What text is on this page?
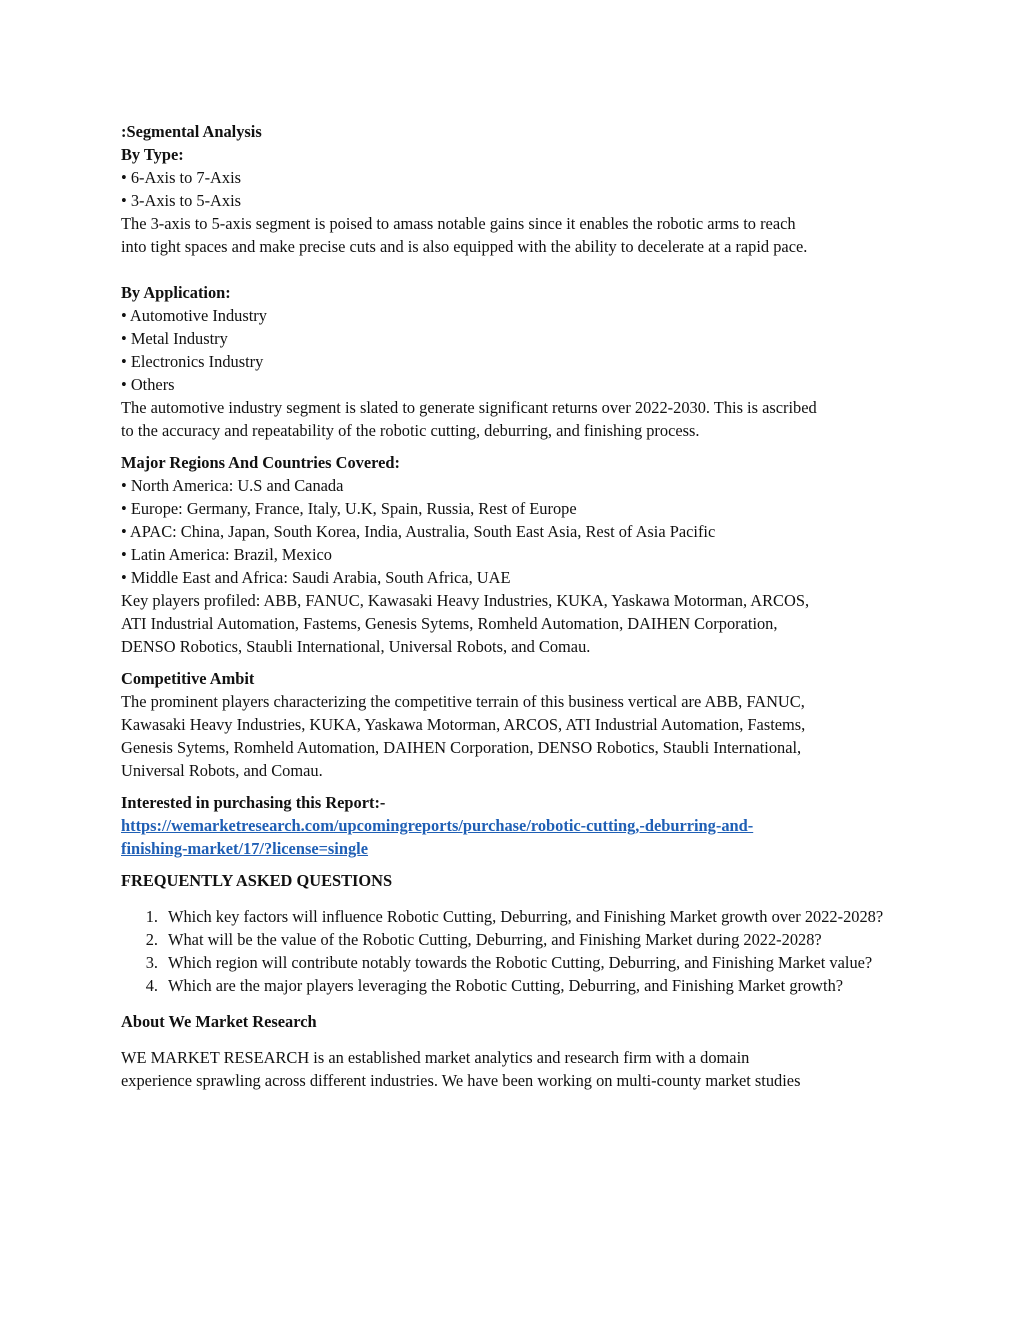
:Segmental Analysis
By Type:
• 6-Axis to 7-Axis
• 3-Axis to 5-Axis
The 3-axis to 5-axis segment is poised to amass notable gains since it enables the robotic arms to reach
into tight spaces and make precise cuts and is also equipped with the ability to decelerate at a rapid pace.
By Application:
• Automotive Industry
• Metal Industry
• Electronics Industry
• Others
The automotive industry segment is slated to generate significant returns over 2022-2030. This is ascribed
to the accuracy and repeatability of the robotic cutting, deburring, and finishing process.
Major Regions And Countries Covered:
• North America: U.S and Canada
• Europe: Germany, France, Italy, U.K, Spain, Russia, Rest of Europe
• APAC: China, Japan, South Korea, India, Australia, South East Asia, Rest of Asia Pacific
• Latin America: Brazil, Mexico
• Middle East and Africa: Saudi Arabia, South Africa, UAE
Key players profiled: ABB, FANUC, Kawasaki Heavy Industries, KUKA, Yaskawa Motorman, ARCOS,
ATI Industrial Automation, Fastems, Genesis Sytems, Romheld Automation, DAIHEN Corporation,
DENSO Robotics, Staubli International, Universal Robots, and Comau.
Competitive Ambit
The prominent players characterizing the competitive terrain of this business vertical are ABB, FANUC,
Kawasaki Heavy Industries, KUKA, Yaskawa Motorman, ARCOS, ATI Industrial Automation, Fastems,
Genesis Sytems, Romheld Automation, DAIHEN Corporation, DENSO Robotics, Staubli International,
Universal Robots, and Comau.
Interested in purchasing this Report:-
https://wemarketresearch.com/upcomingreports/purchase/robotic-cutting,-deburring-and-
finishing-market/17/?license=single
FREQUENTLY ASKED QUESTIONS
1. Which key factors will influence Robotic Cutting, Deburring, and Finishing Market growth over 2022-2028?
2. What will be the value of the Robotic Cutting, Deburring, and Finishing Market during 2022-2028?
3. Which region will contribute notably towards the Robotic Cutting, Deburring, and Finishing Market value?
4. Which are the major players leveraging the Robotic Cutting, Deburring, and Finishing Market growth?
About We Market Research
WE MARKET RESEARCH is an established market analytics and research firm with a domain
experience sprawling across different industries. We have been working on multi-county market studies
